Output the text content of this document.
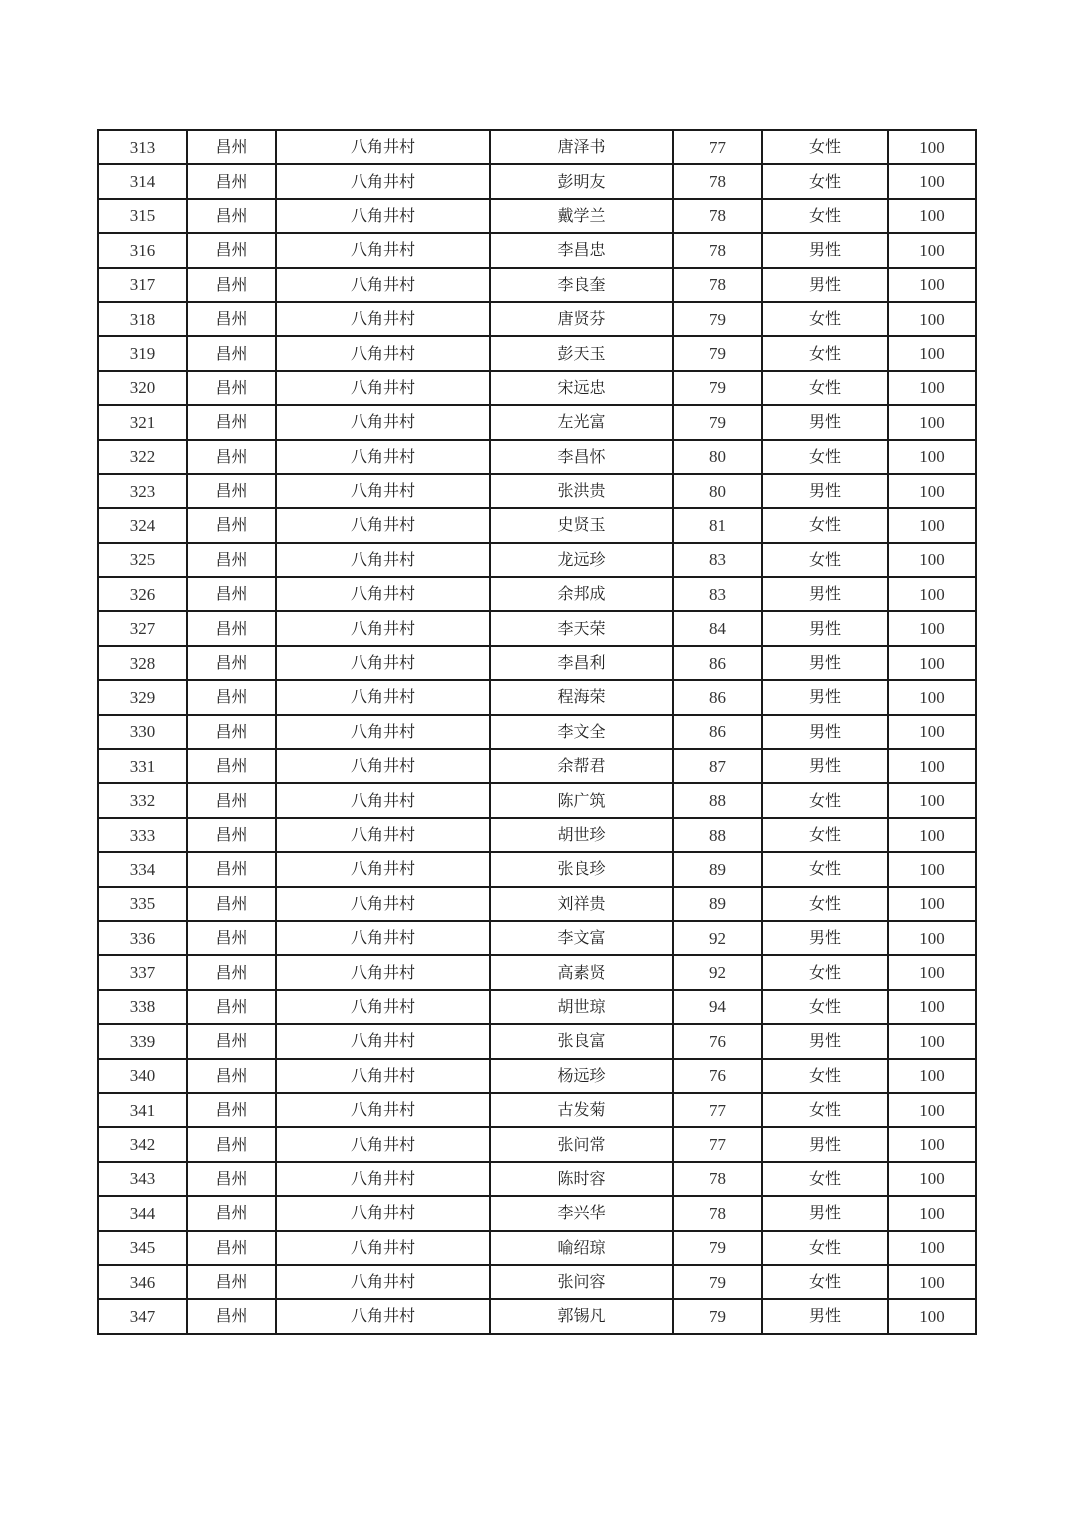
313	昌州	八角井村	唐泽书	77	女性	100
314	昌州	八角井村	彭明友	78	女性	100
315	昌州	八角井村	戴学兰	78	女性	100
316	昌州	八角井村	李昌忠	78	男性	100
317	昌州	八角井村	李良奎	78	男性	100
318	昌州	八角井村	唐贤芬	79	女性	100
319	昌州	八角井村	彭天玉	79	女性	100
320	昌州	八角井村	宋远忠	79	女性	100
321	昌州	八角井村	左光富	79	男性	100
322	昌州	八角井村	李昌怀	80	女性	100
323	昌州	八角井村	张洪贵	80	男性	100
324	昌州	八角井村	史贤玉	81	女性	100
325	昌州	八角井村	龙远珍	83	女性	100
326	昌州	八角井村	余邦成	83	男性	100
327	昌州	八角井村	李天荣	84	男性	100
328	昌州	八角井村	李昌利	86	男性	100
329	昌州	八角井村	程海荣	86	男性	100
330	昌州	八角井村	李文全	86	男性	100
331	昌州	八角井村	余帮君	87	男性	100
332	昌州	八角井村	陈广筑	88	女性	100
333	昌州	八角井村	胡世珍	88	女性	100
334	昌州	八角井村	张良珍	89	女性	100
335	昌州	八角井村	刘祥贵	89	女性	100
336	昌州	八角井村	李文富	92	男性	100
337	昌州	八角井村	高素贤	92	女性	100
338	昌州	八角井村	胡世琼	94	女性	100
339	昌州	八角井村	张良富	76	男性	100
340	昌州	八角井村	杨远珍	76	女性	100
341	昌州	八角井村	古发菊	77	女性	100
342	昌州	八角井村	张问常	77	男性	100
343	昌州	八角井村	陈时容	78	女性	100
344	昌州	八角井村	李兴华	78	男性	100
345	昌州	八角井村	喻绍琼	79	女性	100
346	昌州	八角井村	张问容	79	女性	100
347	昌州	八角井村	郭锡凡	79	男性	100
